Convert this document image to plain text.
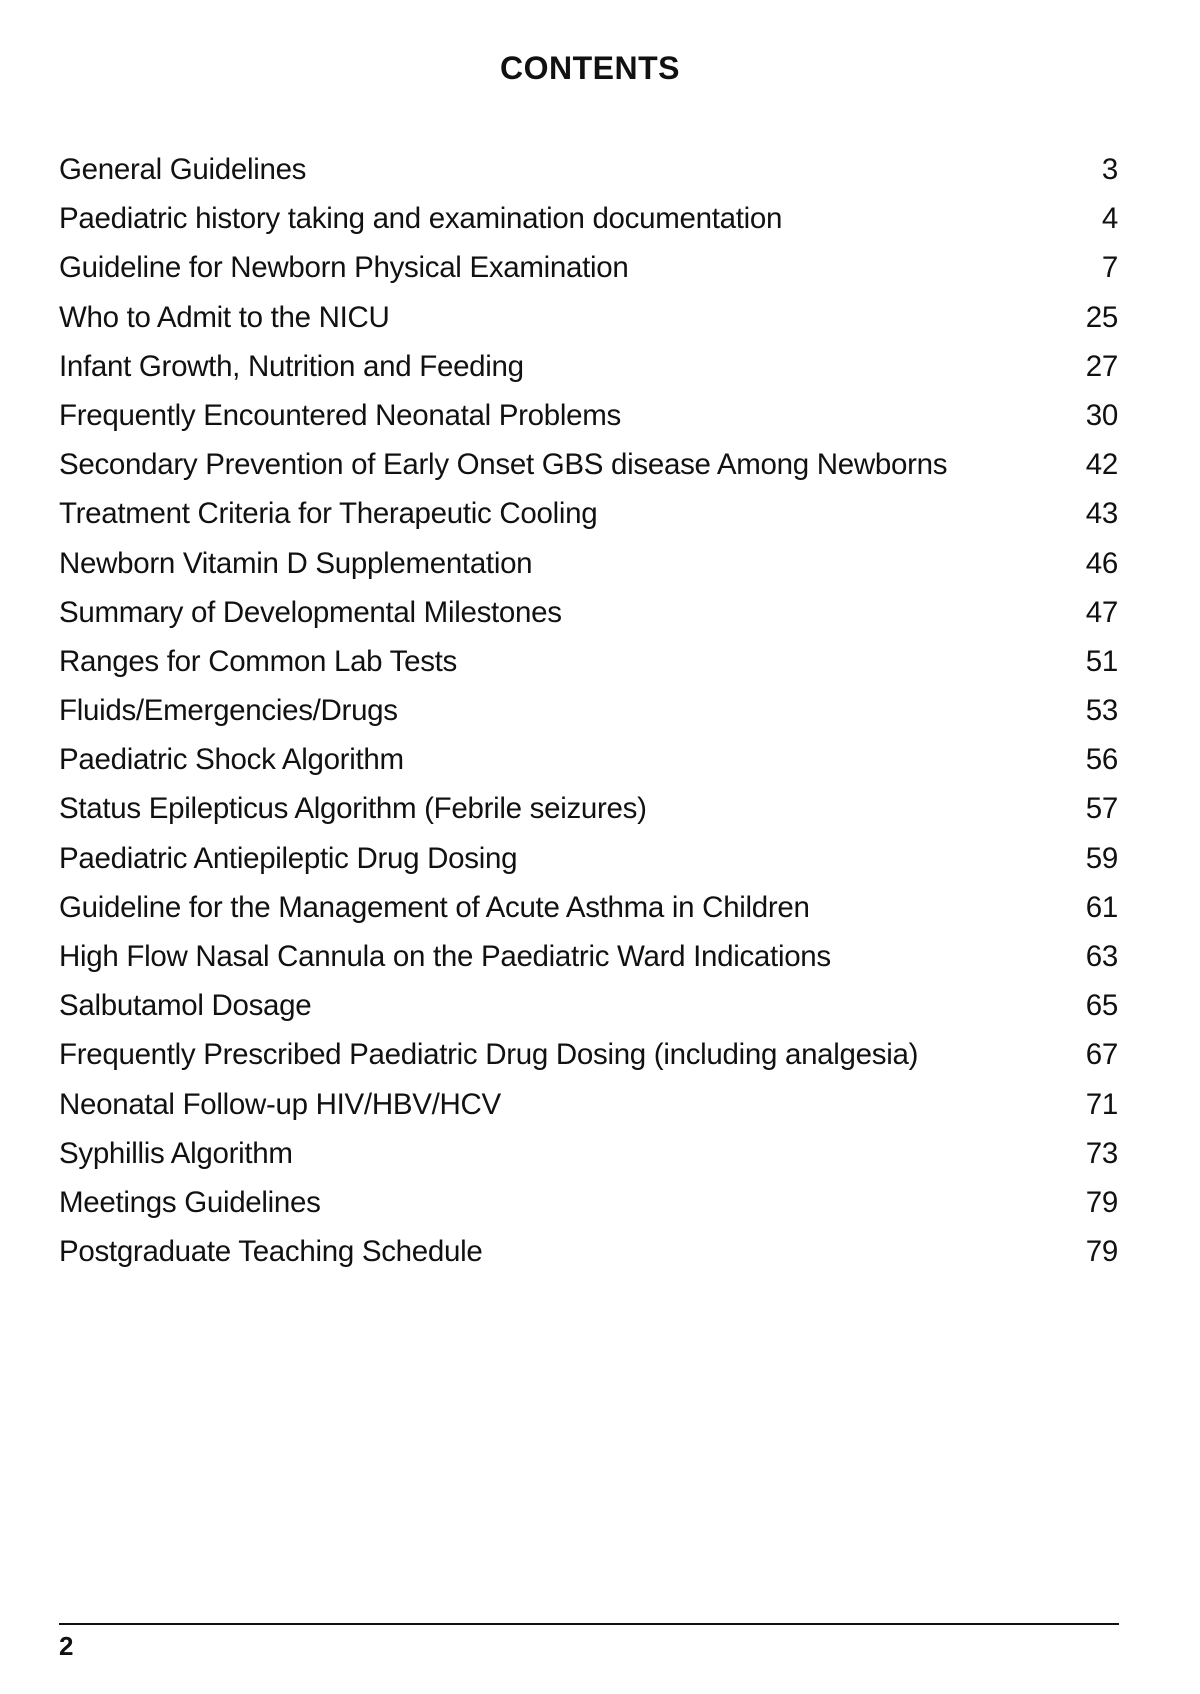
CONTENTS
General Guidelines	3
Paediatric history taking and examination documentation	4
Guideline for Newborn Physical Examination	7
Who to Admit to the NICU	25
Infant Growth, Nutrition and Feeding	27
Frequently Encountered Neonatal Problems	30
Secondary Prevention of Early Onset GBS disease Among Newborns	42
Treatment Criteria for Therapeutic Cooling	43
Newborn Vitamin D Supplementation	46
Summary of Developmental Milestones	47
Ranges for Common Lab Tests	51
Fluids/Emergencies/Drugs	53
Paediatric Shock Algorithm	56
Status Epilepticus Algorithm (Febrile seizures)	57
Paediatric Antiepileptic Drug Dosing	59
Guideline for the Management of Acute Asthma in Children	61
High Flow Nasal Cannula on the Paediatric Ward Indications	63
Salbutamol Dosage	65
Frequently Prescribed Paediatric Drug Dosing (including analgesia)	67
Neonatal Follow-up HIV/HBV/HCV	71
Syphillis Algorithm	73
Meetings Guidelines	79
Postgraduate Teaching Schedule	79
2
